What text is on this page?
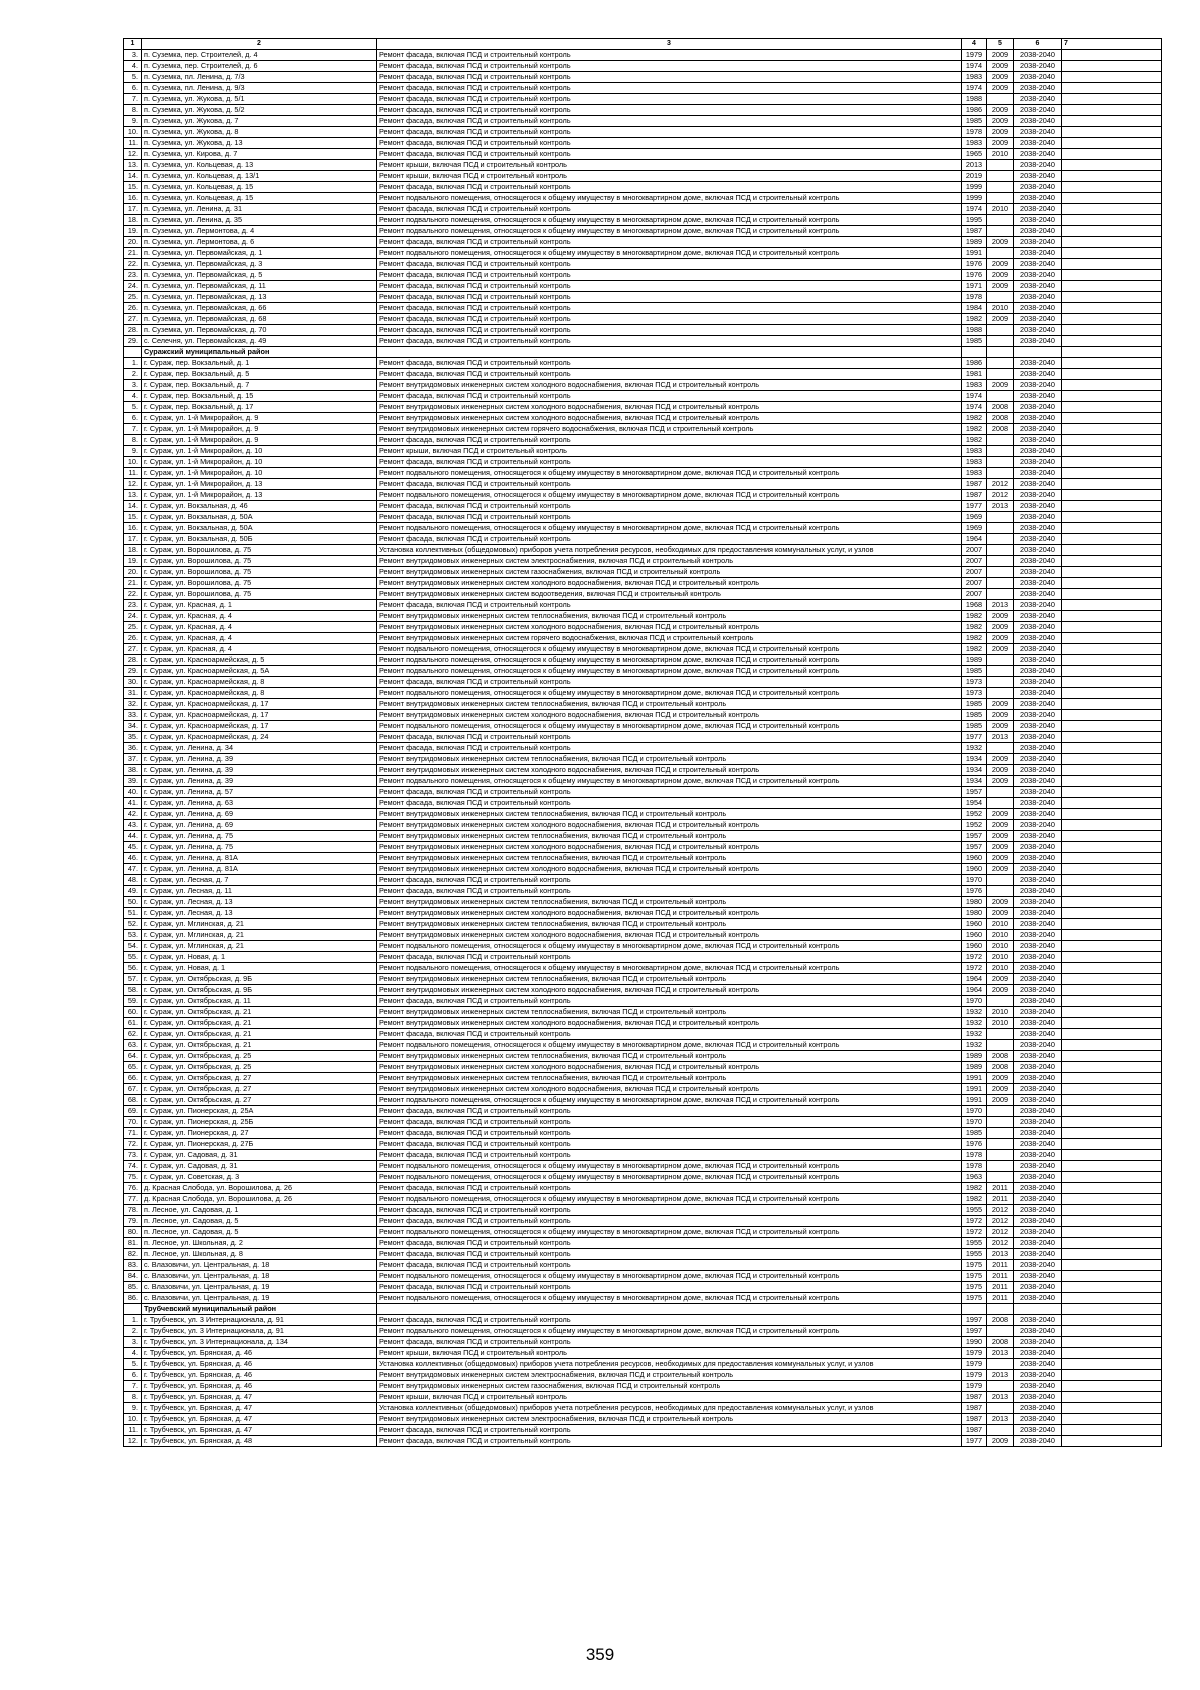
1	2	3	4	5	6	7
3.	п. Суземка, пер. Строителей, д. 4	Ремонт фасада, включая ПСД и строительный контроль	1979	2009	2038-2040	
4.	п. Суземка, пер. Строителей, д. 6	Ремонт фасада, включая ПСД и строительный контроль	1974	2009	2038-2040	
5.	п. Суземка, пл. Ленина, д. 7/3	Ремонт фасада, включая ПСД и строительный контроль	1983	2009	2038-2040	
6.	п. Суземка, пл. Ленина, д. 9/3	Ремонт фасада, включая ПСД и строительный контроль	1974	2009	2038-2040	
7.	п. Суземка, ул. Жукова, д. 5/1	Ремонт фасада, включая ПСД и строительный контроль	1988		2038-2040	
8.	п. Суземка, ул. Жукова, д. 5/2	Ремонт фасада, включая ПСД и строительный контроль	1986	2009	2038-2040	
9.	п. Суземка, ул. Жукова, д. 7	Ремонт фасада, включая ПСД и строительный контроль	1985	2009	2038-2040	
10.	п. Суземка, ул. Жукова, д. 8	Ремонт фасада, включая ПСД и строительный контроль	1978	2009	2038-2040	
11.	п. Суземка, ул. Жукова, д. 13	Ремонт фасада, включая ПСД и строительный контроль	1983	2009	2038-2040	
12.	п. Суземка, ул. Кирова, д. 7	Ремонт фасада, включая ПСД и строительный контроль	1965	2010	2038-2040	
13.	п. Суземка, ул. Кольцевая, д. 13	Ремонт крыши, включая ПСД и строительный контроль	2013		2038-2040	
14.	п. Суземка, ул. Кольцевая, д. 13/1	Ремонт крыши, включая ПСД и строительный контроль	2019		2038-2040	
15.	п. Суземка, ул. Кольцевая, д. 15	Ремонт фасада, включая ПСД и строительный контроль	1999		2038-2040	
16.	п. Суземка, ул. Кольцевая, д. 15	Ремонт подвального помещения, относящегося к общему имуществу в многоквартирном доме, включая ПСД и строительный контроль	1999		2038-2040	
17.	п. Суземка, ул. Ленина, д. 31	Ремонт фасада, включая ПСД и строительный контроль	1974	2010	2038-2040	
18.	п. Суземка, ул. Ленина, д. 35	Ремонт подвального помещения, относящегося к общему имуществу в многоквартирном доме, включая ПСД и строительный контроль	1995		2038-2040	
19.	п. Суземка, ул. Лермонтова, д. 4	Ремонт подвального помещения, относящегося к общему имуществу в многоквартирном доме, включая ПСД и строительный контроль	1987		2038-2040	
20.	п. Суземка, ул. Лермонтова, д. 6	Ремонт фасада, включая ПСД и строительный контроль	1989	2009	2038-2040	
21.	п. Суземка, ул. Первомайская, д. 1	Ремонт подвального помещения, относящегося к общему имуществу в многоквартирном доме, включая ПСД и строительный контроль	1991		2038-2040	
22.	п. Суземка, ул. Первомайская, д. 3	Ремонт фасада, включая ПСД и строительный контроль	1976	2009	2038-2040	
23.	п. Суземка, ул. Первомайская, д. 5	Ремонт фасада, включая ПСД и строительный контроль	1976	2009	2038-2040	
24.	п. Суземка, ул. Первомайская, д. 11	Ремонт фасада, включая ПСД и строительный контроль	1971	2009	2038-2040	
25.	п. Суземка, ул. Первомайская, д. 13	Ремонт фасада, включая ПСД и строительный контроль	1978		2038-2040	
26.	п. Суземка, ул. Первомайская, д. 66	Ремонт фасада, включая ПСД и строительный контроль	1984	2010	2038-2040	
27.	п. Суземка, ул. Первомайская, д. 68	Ремонт фасада, включая ПСД и строительный контроль	1982	2009	2038-2040	
28.	п. Суземка, ул. Первомайская, д. 70	Ремонт фасада, включая ПСД и строительный контроль	1988		2038-2040	
29.	с. Селечня, ул. Первомайская, д. 49	Ремонт фасада, включая ПСД и строительный контроль	1985		2038-2040	
	Суражский муниципальный район					
1.	г. Сураж, пер. Вокзальный, д. 1	Ремонт фасада, включая ПСД и строительный контроль	1986		2038-2040	
2.	г. Сураж, пер. Вокзальный, д. 5	Ремонт фасада, включая ПСД и строительный контроль	1981		2038-2040	
3.	г. Сураж, пер. Вокзальный, д. 7	Ремонт внутридомовых инженерных систем холодного водоснабжения, включая ПСД и строительный контроль	1983	2009	2038-2040	
4.	г. Сураж, пер. Вокзальный, д. 15	Ремонт фасада, включая ПСД и строительный контроль	1974		2038-2040	
5.	г. Сураж, пер. Вокзальный, д. 17	Ремонт внутридомовых инженерных систем холодного водоснабжения, включая ПСД и строительный контроль	1974	2008	2038-2040	
6.	г. Сураж, ул. 1-й Микрорайон, д. 9	Ремонт внутридомовых инженерных систем холодного водоснабжения, включая ПСД и строительный контроль	1982	2008	2038-2040	
7.	г. Сураж, ул. 1-й Микрорайон, д. 9	Ремонт внутридомовых инженерных систем горячего водоснабжения, включая ПСД и строительный контроль	1982	2008	2038-2040	
8.	г. Сураж, ул. 1-й Микрорайон, д. 9	Ремонт фасада, включая ПСД и строительный контроль	1982		2038-2040	
9.	г. Сураж, ул. 1-й Микрорайон, д. 10	Ремонт крыши, включая ПСД и строительный контроль	1983		2038-2040	
10.	г. Сураж, ул. 1-й Микрорайон, д. 10	Ремонт фасада, включая ПСД и строительный контроль	1983		2038-2040	
11.	г. Сураж, ул. 1-й Микрорайон, д. 10	Ремонт подвального помещения, относящегося к общему имуществу в многоквартирном доме, включая ПСД и строительный контроль	1983		2038-2040	
12.	г. Сураж, ул. 1-й Микрорайон, д. 13	Ремонт фасада, включая ПСД и строительный контроль	1987	2012	2038-2040	
13.	г. Сураж, ул. 1-й Микрорайон, д. 13	Ремонт подвального помещения, относящегося к общему имуществу в многоквартирном доме, включая ПСД и строительный контроль	1987	2012	2038-2040	
14.	г. Сураж, ул. Вокзальная, д. 46	Ремонт фасада, включая ПСД и строительный контроль	1977	2013	2038-2040	
15.	г. Сураж, ул. Вокзальная, д. 50А	Ремонт фасада, включая ПСД и строительный контроль	1969		2038-2040	
16.	г. Сураж, ул. Вокзальная, д. 50А	Ремонт подвального помещения, относящегося к общему имуществу в многоквартирном доме, включая ПСД и строительный контроль	1969		2038-2040	
17.	г. Сураж, ул. Вокзальная, д. 50Б	Ремонт фасада, включая ПСД и строительный контроль	1964		2038-2040	
18.	г. Сураж, ул. Ворошилова, д. 75	Установка коллективных (общедомовых) приборов учета потребления ресурсов, необходимых для предоставления коммунальных услуг, и узлов	2007		2038-2040	
19.	г. Сураж, ул. Ворошилова, д. 75	Ремонт внутридомовых инженерных систем электроснабжения, включая ПСД и строительный контроль	2007		2038-2040	
20.	г. Сураж, ул. Ворошилова, д. 75	Ремонт внутридомовых инженерных систем газоснабжения, включая ПСД и строительный контроль	2007		2038-2040	
21.	г. Сураж, ул. Ворошилова, д. 75	Ремонт внутридомовых инженерных систем холодного водоснабжения, включая ПСД и строительный контроль	2007		2038-2040	
22.	г. Сураж, ул. Ворошилова, д. 75	Ремонт внутридомовых инженерных систем водоотведения, включая ПСД и строительный контроль	2007		2038-2040	
23.	г. Сураж, ул. Красная, д. 1	Ремонт фасада, включая ПСД и строительный контроль	1968	2013	2038-2040	
24.	г. Сураж, ул. Красная, д. 4	Ремонт внутридомовых инженерных систем теплоснабжения, включая ПСД и строительный контроль	1982	2009	2038-2040	
25.	г. Сураж, ул. Красная, д. 4	Ремонт внутридомовых инженерных систем холодного водоснабжения, включая ПСД и строительный контроль	1982	2009	2038-2040	
26.	г. Сураж, ул. Красная, д. 4	Ремонт внутридомовых инженерных систем горячего водоснабжения, включая ПСД и строительный контроль	1982	2009	2038-2040	
27.	г. Сураж, ул. Красная, д. 4	Ремонт подвального помещения, относящегося к общему имуществу в многоквартирном доме, включая ПСД и строительный контроль	1982	2009	2038-2040	
28.	г. Сураж, ул. Красноармейская, д. 5	Ремонт подвального помещения, относящегося к общему имуществу в многоквартирном доме, включая ПСД и строительный контроль	1989		2038-2040	
29.	г. Сураж, ул. Красноармейская, д. 5А	Ремонт подвального помещения, относящегося к общему имуществу в многоквартирном доме, включая ПСД и строительный контроль	1985		2038-2040	
30.	г. Сураж, ул. Красноармейская, д. 8	Ремонт фасада, включая ПСД и строительный контроль	1973		2038-2040	
31.	г. Сураж, ул. Красноармейская, д. 8	Ремонт подвального помещения, относящегося к общему имуществу в многоквартирном доме, включая ПСД и строительный контроль	1973		2038-2040	
32.	г. Сураж, ул. Красноармейская, д. 17	Ремонт внутридомовых инженерных систем теплоснабжения, включая ПСД и строительный контроль	1985	2009	2038-2040	
33.	г. Сураж, ул. Красноармейская, д. 17	Ремонт внутридомовых инженерных систем холодного водоснабжения, включая ПСД и строительный контроль	1985	2009	2038-2040	
34.	г. Сураж, ул. Красноармейская, д. 17	Ремонт подвального помещения, относящегося к общему имуществу в многоквартирном доме, включая ПСД и строительный контроль	1985	2009	2038-2040	
35.	г. Сураж, ул. Красноармейская, д. 24	Ремонт фасада, включая ПСД и строительный контроль	1977	2013	2038-2040	
36.	г. Сураж, ул. Ленина, д. 34	Ремонт фасада, включая ПСД и строительный контроль	1932		2038-2040	
37.	г. Сураж, ул. Ленина, д. 39	Ремонт внутридомовых инженерных систем теплоснабжения, включая ПСД и строительный контроль	1934	2009	2038-2040	
38.	г. Сураж, ул. Ленина, д. 39	Ремонт внутридомовых инженерных систем холодного водоснабжения, включая ПСД и строительный контроль	1934	2009	2038-2040	
39.	г. Сураж, ул. Ленина, д. 39	Ремонт подвального помещения, относящегося к общему имуществу в многоквартирном доме, включая ПСД и строительный контроль	1934	2009	2038-2040	
40.	г. Сураж, ул. Ленина, д. 57	Ремонт фасада, включая ПСД и строительный контроль	1957		2038-2040	
41.	г. Сураж, ул. Ленина, д. 63	Ремонт фасада, включая ПСД и строительный контроль	1954		2038-2040	
42.	г. Сураж, ул. Ленина, д. 69	Ремонт внутридомовых инженерных систем теплоснабжения, включая ПСД и строительный контроль	1952	2009	2038-2040	
43.	г. Сураж, ул. Ленина, д. 69	Ремонт внутридомовых инженерных систем холодного водоснабжения, включая ПСД и строительный контроль	1952	2009	2038-2040	
44.	г. Сураж, ул. Ленина, д. 75	Ремонт внутридомовых инженерных систем теплоснабжения, включая ПСД и строительный контроль	1957	2009	2038-2040	
45.	г. Сураж, ул. Ленина, д. 75	Ремонт внутридомовых инженерных систем холодного водоснабжения, включая ПСД и строительный контроль	1957	2009	2038-2040	
46.	г. Сураж, ул. Ленина, д. 81А	Ремонт внутридомовых инженерных систем теплоснабжения, включая ПСД и строительный контроль	1960	2009	2038-2040	
47.	г. Сураж, ул. Ленина, д. 81А	Ремонт внутридомовых инженерных систем холодного водоснабжения, включая ПСД и строительный контроль	1960	2009	2038-2040	
48.	г. Сураж, ул. Лесная, д. 7	Ремонт фасада, включая ПСД и строительный контроль	1970		2038-2040	
49.	г. Сураж, ул. Лесная, д. 11	Ремонт фасада, включая ПСД и строительный контроль	1976		2038-2040	
50.	г. Сураж, ул. Лесная, д. 13	Ремонт внутридомовых инженерных систем теплоснабжения, включая ПСД и строительный контроль	1980	2009	2038-2040	
51.	г. Сураж, ул. Лесная, д. 13	Ремонт внутридомовых инженерных систем холодного водоснабжения, включая ПСД и строительный контроль	1980	2009	2038-2040	
52.	г. Сураж, ул. Мглинская, д. 21	Ремонт внутридомовых инженерных систем теплоснабжения, включая ПСД и строительный контроль	1960	2010	2038-2040	
53.	г. Сураж, ул. Мглинская, д. 21	Ремонт внутридомовых инженерных систем холодного водоснабжения, включая ПСД и строительный контроль	1960	2010	2038-2040	
54.	г. Сураж, ул. Мглинская, д. 21	Ремонт подвального помещения, относящегося к общему имуществу в многоквартирном доме, включая ПСД и строительный контроль	1960	2010	2038-2040	
55.	г. Сураж, ул. Новая, д. 1	Ремонт фасада, включая ПСД и строительный контроль	1972	2010	2038-2040	
56.	г. Сураж, ул. Новая, д. 1	Ремонт подвального помещения, относящегося к общему имуществу в многоквартирном доме, включая ПСД и строительный контроль	1972	2010	2038-2040	
57.	г. Сураж, ул. Октябрьская, д. 9Б	Ремонт внутридомовых инженерных систем теплоснабжения, включая ПСД и строительный контроль	1964	2009	2038-2040	
58.	г. Сураж, ул. Октябрьская, д. 9Б	Ремонт внутридомовых инженерных систем холодного водоснабжения, включая ПСД и строительный контроль	1964	2009	2038-2040	
59.	г. Сураж, ул. Октябрьская, д. 11	Ремонт фасада, включая ПСД и строительный контроль	1970		2038-2040	
60.	г. Сураж, ул. Октябрьская, д. 21	Ремонт внутридомовых инженерных систем теплоснабжения, включая ПСД и строительный контроль	1932	2010	2038-2040	
61.	г. Сураж, ул. Октябрьская, д. 21	Ремонт внутридомовых инженерных систем холодного водоснабжения, включая ПСД и строительный контроль	1932	2010	2038-2040	
62.	г. Сураж, ул. Октябрьская, д. 21	Ремонт фасада, включая ПСД и строительный контроль	1932		2038-2040	
63.	г. Сураж, ул. Октябрьская, д. 21	Ремонт подвального помещения, относящегося к общему имуществу в многоквартирном доме, включая ПСД и строительный контроль	1932		2038-2040	
64.	г. Сураж, ул. Октябрьская, д. 25	Ремонт внутридомовых инженерных систем теплоснабжения, включая ПСД и строительный контроль	1989	2008	2038-2040	
65.	г. Сураж, ул. Октябрьская, д. 25	Ремонт внутридомовых инженерных систем холодного водоснабжения, включая ПСД и строительный контроль	1989	2008	2038-2040	
66.	г. Сураж, ул. Октябрьская, д. 27	Ремонт внутридомовых инженерных систем теплоснабжения, включая ПСД и строительный контроль	1991	2009	2038-2040	
67.	г. Сураж, ул. Октябрьская, д. 27	Ремонт внутридомовых инженерных систем холодного водоснабжения, включая ПСД и строительный контроль	1991	2009	2038-2040	
68.	г. Сураж, ул. Октябрьская, д. 27	Ремонт подвального помещения, относящегося к общему имуществу в многоквартирном доме, включая ПСД и строительный контроль	1991	2009	2038-2040	
69.	г. Сураж, ул. Пионерская, д. 25А	Ремонт фасада, включая ПСД и строительный контроль	1970		2038-2040	
70.	г. Сураж, ул. Пионерская, д. 25Б	Ремонт фасада, включая ПСД и строительный контроль	1970		2038-2040	
71.	г. Сураж, ул. Пионерская, д. 27	Ремонт фасада, включая ПСД и строительный контроль	1985		2038-2040	
72.	г. Сураж, ул. Пионерская, д. 27Б	Ремонт фасада, включая ПСД и строительный контроль	1976		2038-2040	
73.	г. Сураж, ул. Садовая, д. 31	Ремонт фасада, включая ПСД и строительный контроль	1978		2038-2040	
74.	г. Сураж, ул. Садовая, д. 31	Ремонт подвального помещения, относящегося к общему имуществу в многоквартирном доме, включая ПСД и строительный контроль	1978		2038-2040	
75.	г. Сураж, ул. Советская, д. 3	Ремонт подвального помещения, относящегося к общему имуществу в многоквартирном доме, включая ПСД и строительный контроль	1963		2038-2040	
76.	д. Красная Слобода, ул. Ворошилова, д. 26	Ремонт фасада, включая ПСД и строительный контроль	1982	2011	2038-2040	
77.	д. Красная Слобода, ул. Ворошилова, д. 26	Ремонт подвального помещения, относящегося к общему имуществу в многоквартирном доме, включая ПСД и строительный контроль	1982	2011	2038-2040	
78.	п. Лесное, ул. Садовая, д. 1	Ремонт фасада, включая ПСД и строительный контроль	1955	2012	2038-2040	
79.	п. Лесное, ул. Садовая, д. 5	Ремонт фасада, включая ПСД и строительный контроль	1972	2012	2038-2040	
80.	п. Лесное, ул. Садовая, д. 5	Ремонт подвального помещения, относящегося к общему имуществу в многоквартирном доме, включая ПСД и строительный контроль	1972	2012	2038-2040	
81.	п. Лесное, ул. Школьная, д. 2	Ремонт фасада, включая ПСД и строительный контроль	1955	2012	2038-2040	
82.	п. Лесное, ул. Школьная, д. 8	Ремонт фасада, включая ПСД и строительный контроль	1955	2013	2038-2040	
83.	с. Влазовичи, ул. Центральная, д. 18	Ремонт фасада, включая ПСД и строительный контроль	1975	2011	2038-2040	
84.	с. Влазовичи, ул. Центральная, д. 18	Ремонт подвального помещения, относящегося к общему имуществу в многоквартирном доме, включая ПСД и строительный контроль	1975	2011	2038-2040	
85.	с. Влазовичи, ул. Центральная, д. 19	Ремонт фасада, включая ПСД и строительный контроль	1975	2011	2038-2040	
86.	с. Влазовичи, ул. Центральная, д. 19	Ремонт подвального помещения, относящегося к общему имуществу в многоквартирном доме, включая ПСД и строительный контроль	1975	2011	2038-2040	
	Трубчевский муниципальный район					
1.	г. Трубчевск, ул. 3 Интернационала, д. 91	Ремонт фасада, включая ПСД и строительный контроль	1997	2008	2038-2040	
2.	г. Трубчевск, ул. 3 Интернационала, д. 91	Ремонт подвального помещения, относящегося к общему имуществу в многоквартирном доме, включая ПСД и строительный контроль	1997		2038-2040	
3.	г. Трубчевск, ул. 3 Интернационала, д. 134	Ремонт фасада, включая ПСД и строительный контроль	1990	2008	2038-2040	
4.	г. Трубчевск, ул. Брянская, д. 46	Ремонт крыши, включая ПСД и строительный контроль	1979	2013	2038-2040	
5.	г. Трубчевск, ул. Брянская, д. 46	Установка коллективных (общедомовых) приборов учета потребления ресурсов, необходимых для предоставления коммунальных услуг, и узлов	1979		2038-2040	
6.	г. Трубчевск, ул. Брянская, д. 46	Ремонт внутридомовых инженерных систем электроснабжения, включая ПСД и строительный контроль	1979	2013	2038-2040	
7.	г. Трубчевск, ул. Брянская, д. 46	Ремонт внутридомовых инженерных систем газоснабжения, включая ПСД и строительный контроль	1979		2038-2040	
8.	г. Трубчевск, ул. Брянская, д. 47	Ремонт крыши, включая ПСД и строительный контроль	1987	2013	2038-2040	
9.	г. Трубчевск, ул. Брянская, д. 47	Установка коллективных (общедомовых) приборов учета потребления ресурсов, необходимых для предоставления коммунальных услуг, и узлов	1987		2038-2040	
10.	г. Трубчевск, ул. Брянская, д. 47	Ремонт внутридомовых инженерных систем электроснабжения, включая ПСД и строительный контроль	1987	2013	2038-2040	
11.	г. Трубчевск, ул. Брянская, д. 47	Ремонт фасада, включая ПСД и строительный контроль	1987		2038-2040	
12.	г. Трубчевск, ул. Брянская, д. 48	Ремонт фасада, включая ПСД и строительный контроль	1977	2009	2038-2040	
359
